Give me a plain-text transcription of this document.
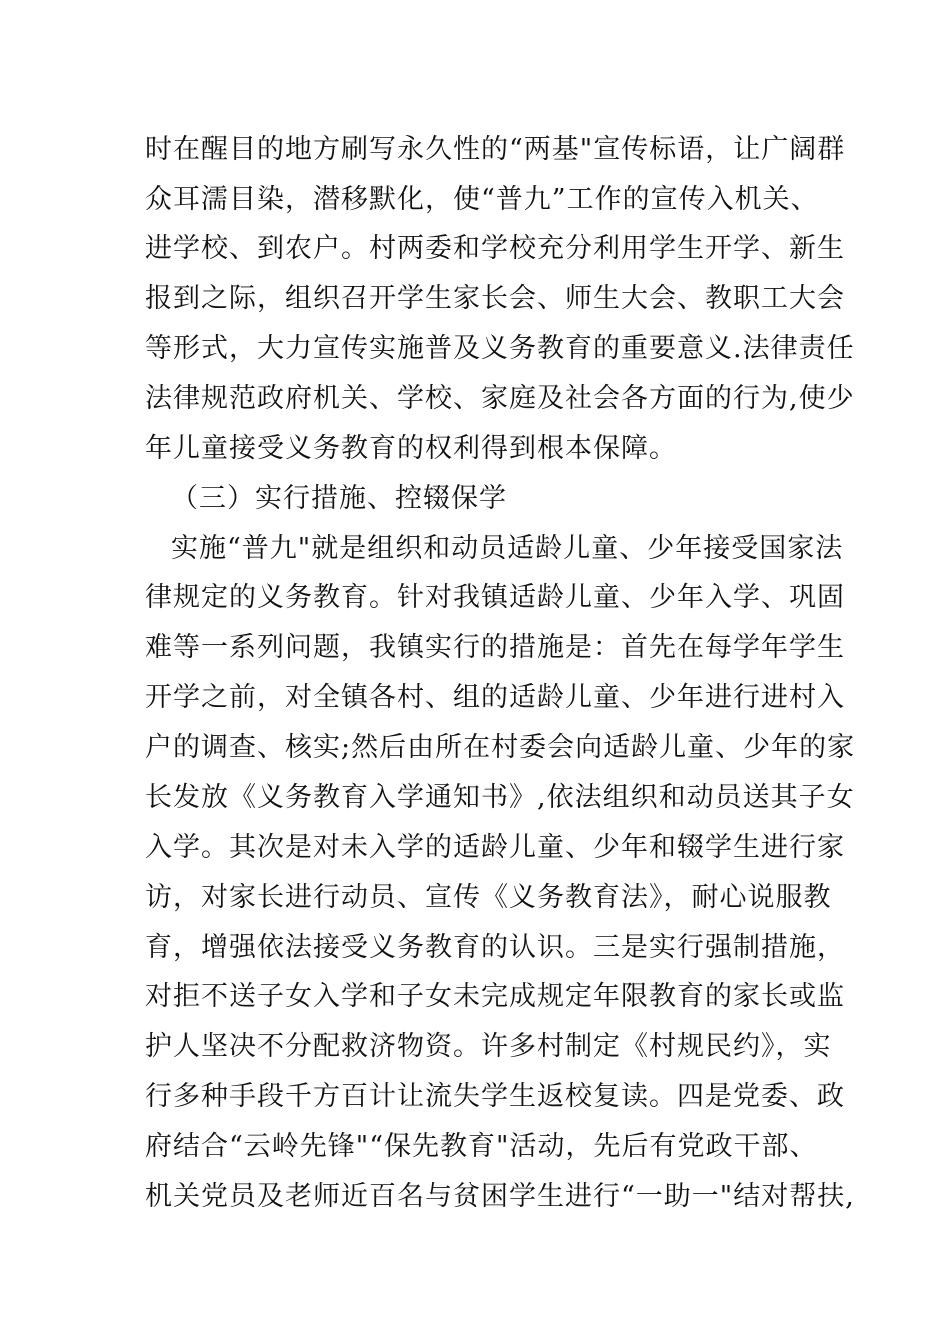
时在醒目的地方刷写永久性的“两基"宣传标语，让广阔群
众耳濡目染，潜移默化，使“普九”工作的宣传入机关、
进学校、到农户。村两委和学校充分利用学生开学、新生
报到之际，组织召开学生家长会、师生大会、教职工大会
等形式，大力宣传实施普及义务教育的重要意义.法律责任
法律规范政府机关、学校、家庭及社会各方面的行为,使少
年儿童接受义务教育的权利得到根本保障。
（三）实行措施、控辍保学
实施“普九"就是组织和动员适龄儿童、少年接受国家法
律规定的义务教育。针对我镇适龄儿童、少年入学、巩固
难等一系列问题，我镇实行的措施是：首先在每学年学生
开学之前，对全镇各村、组的适龄儿童、少年进行进村入
户的调查、核实;然后由所在村委会向适龄儿童、少年的家
长发放《义务教育入学通知书》,依法组织和动员送其子女
入学。其次是对未入学的适龄儿童、少年和辍学生进行家
访，对家长进行动员、宣传《义务教育法》，耐心说服教
育，增强依法接受义务教育的认识。三是实行强制措施，
对拒不送子女入学和子女未完成规定年限教育的家长或监
护人坚决不分配救济物资。许多村制定《村规民约》，实
行多种手段千方百计让流失学生返校复读。四是党委、政
府结合“云岭先锋"“保先教育"活动，先后有党政干部、
机关党员及老师近百名与贫困学生进行“一助一"结对帮扶,
